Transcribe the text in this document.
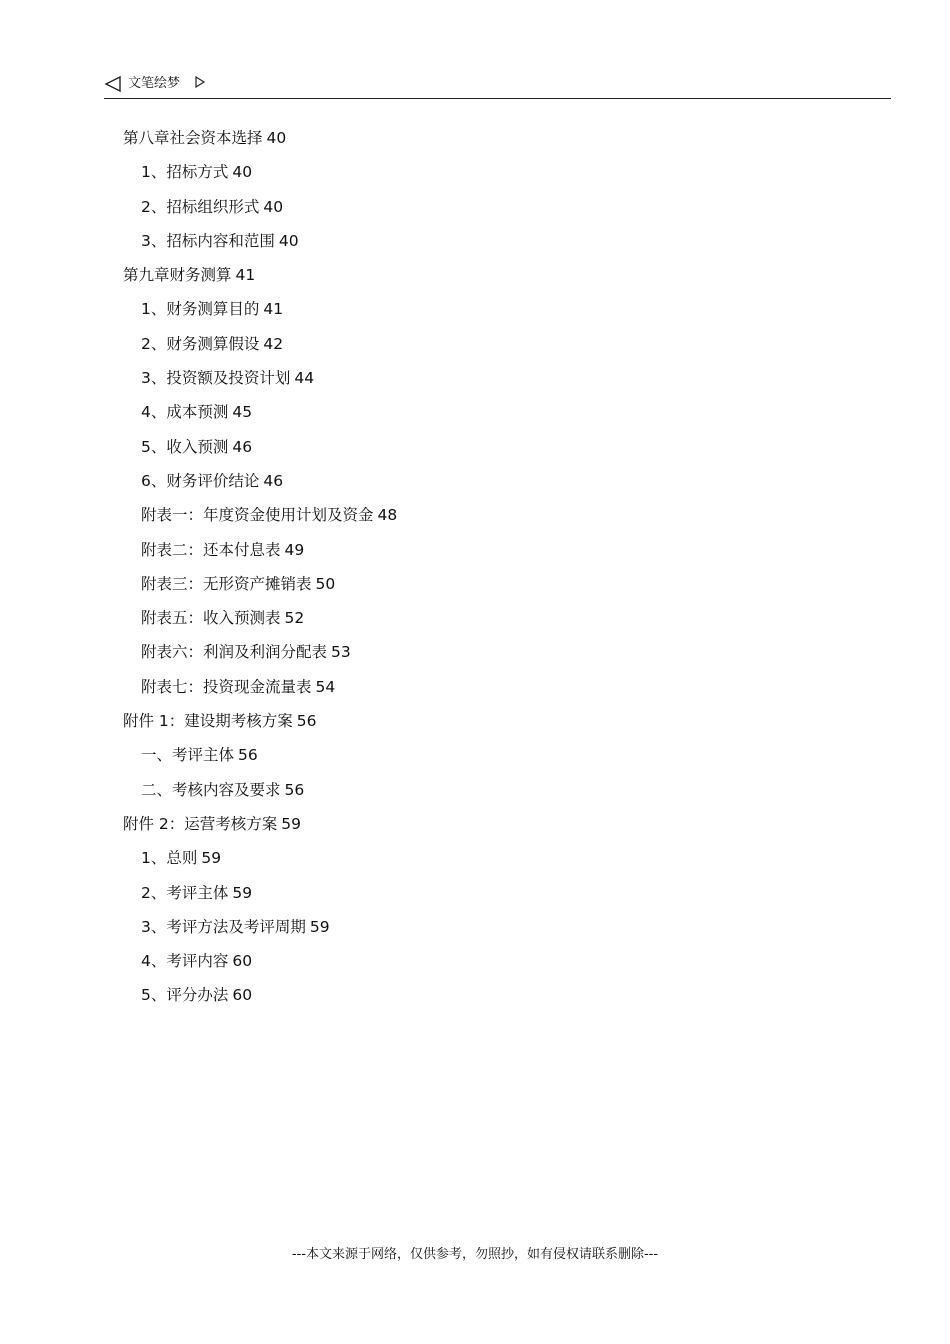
文笔绘梦
第八章社会资本选择 40
1、招标方式 40
2、招标组织形式 40
3、招标内容和范围 40
第九章财务测算 41
1、财务测算目的 41
2、财务测算假设 42
3、投资额及投资计划 44
4、成本预测 45
5、收入预测 46
6、财务评价结论 46
附表一：年度资金使用计划及资金 48
附表二：还本付息表 49
附表三：无形资产摊销表 50
附表五：收入预测表 52
附表六：利润及利润分配表 53
附表七：投资现金流量表 54
附件 1：建设期考核方案 56
一、考评主体 56
二、考核内容及要求 56
附件 2：运营考核方案 59
1、总则 59
2、考评主体 59
3、考评方法及考评周期 59
4、考评内容 60
5、评分办法 60
---本文来源于网络，仅供参考，勿照抄，如有侵权请联系删除---
